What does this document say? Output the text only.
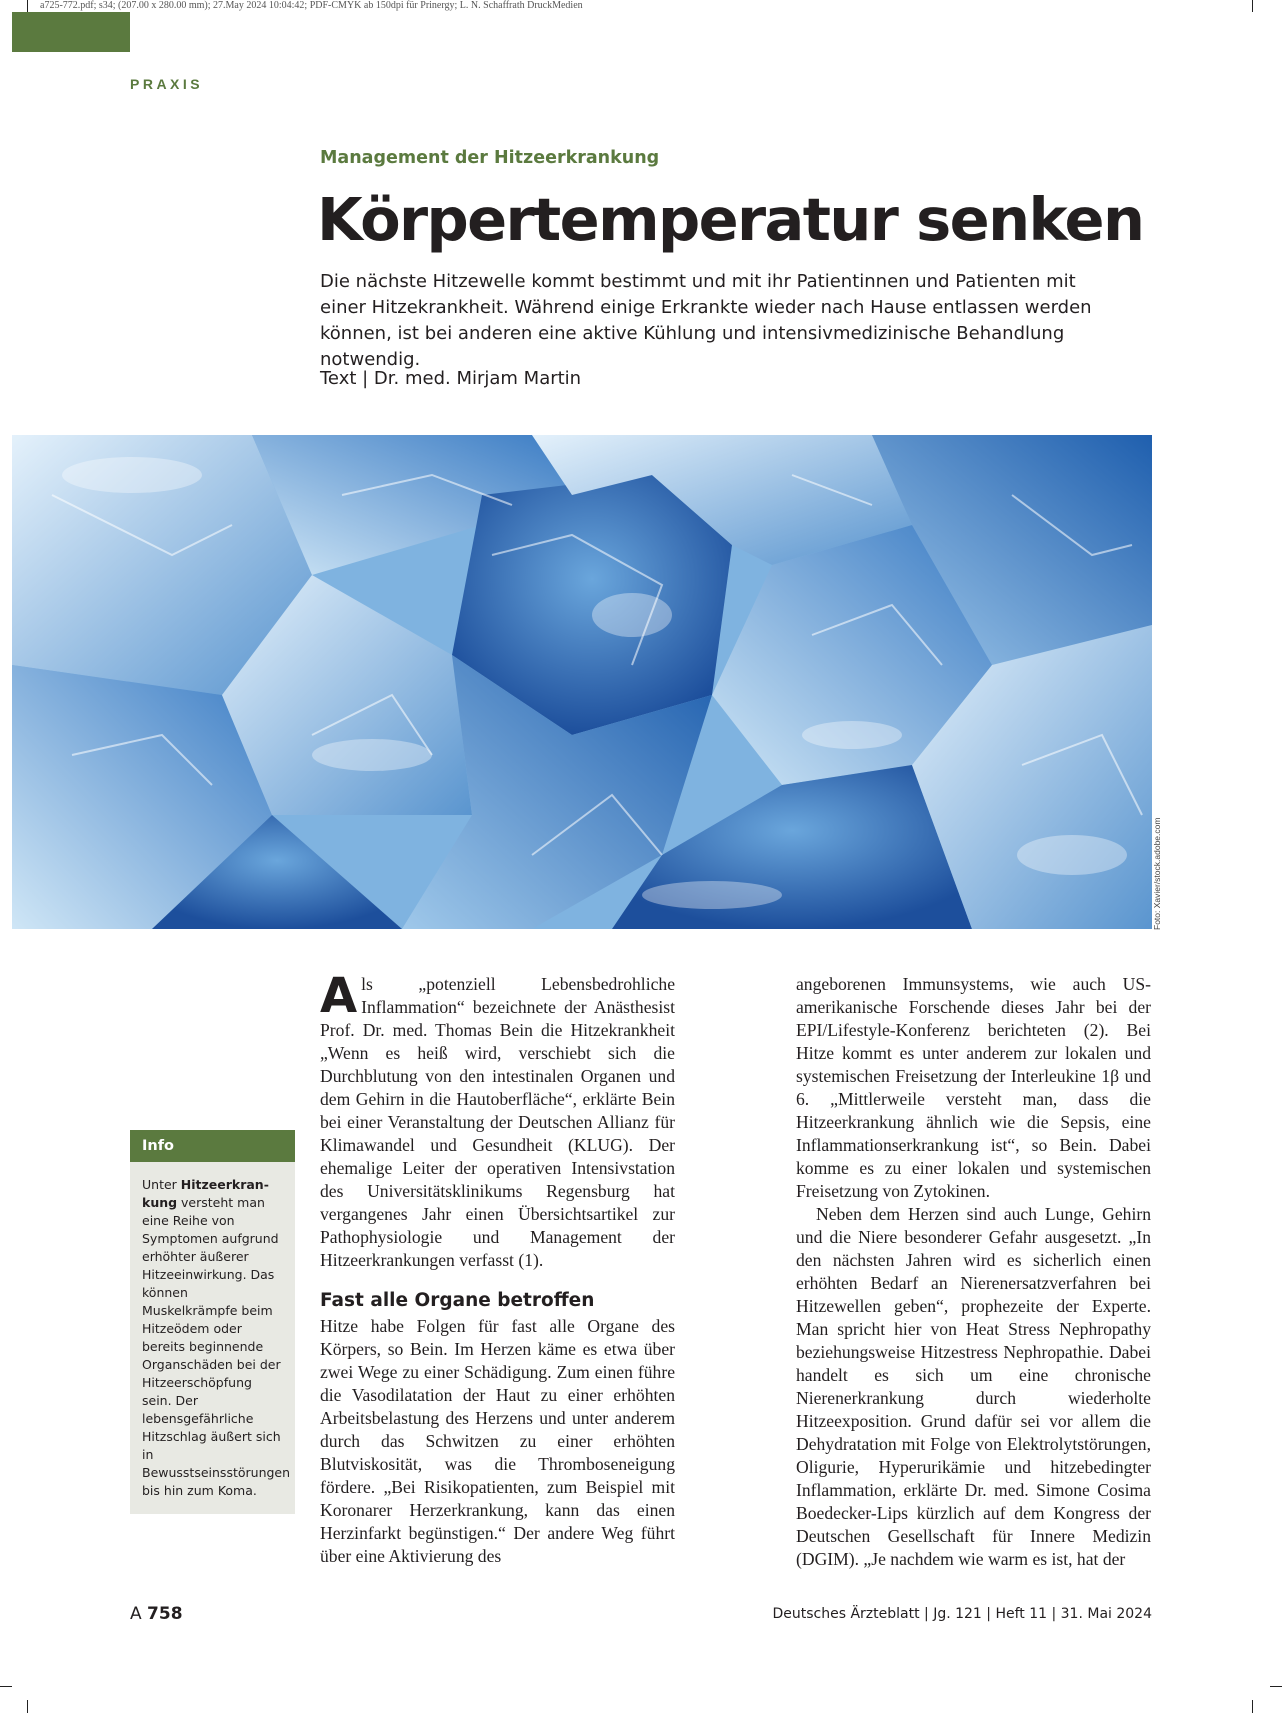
a725-772.pdf; s34; (207.00 x 280.00 mm); 27.May 2024 10:04:42; PDF-CMYK ab 150dpi für Prinergy; L. N. Schaffrath DruckMedien
PRAXIS
Management der Hitzeerkrankung
Körpertemperatur senken
Die nächste Hitzewelle kommt bestimmt und mit ihr Patientinnen und Patienten mit einer Hitzekrankheit. Während einige Erkrankte wieder nach Hause entlassen werden können, ist bei anderen eine aktive Kühlung und intensivmedizinische Behandlung notwendig.
Text | Dr. med. Mirjam Martin
Foto: Xavier/stock.adobe.com
Info
Unter Hitzeerkran-kung versteht man eine Reihe von Symptomen aufgrund erhöhter äußerer Hitzeeinwirkung. Das können Muskelkrämpfe beim Hitzeödem oder bereits beginnende Organschäden bei der Hitzeerschöpfung sein. Der lebensgefährliche Hitzschlag äußert sich in Bewusstseinsstörungen bis hin zum Koma.

Als „potenziell Lebensbedrohliche Inflammation“ bezeichnete der Anästhesist Prof. Dr. med. Thomas Bein die Hitzekrankheit „Wenn es heiß wird, verschiebt sich die Durchblutung von den intestinalen Organen und dem Gehirn in die Hautoberfläche“, erklärte Bein bei einer Veranstaltung der Deutschen Allianz für Klimawandel und Gesundheit (KLUG). Der ehemalige Leiter der operativen Intensivstation des Universitätsklinikums Regensburg hat vergangenes Jahr einen Übersichtsartikel zur Pathophysiologie und Management der Hitzeerkrankungen verfasst (1).

Fast alle Organe betroffen

Hitze habe Folgen für fast alle Organe des Körpers, so Bein. Im Herzen käme es etwa über zwei Wege zu einer Schädigung. Zum einen führe die Vasodilatation der Haut zu einer erhöhten Arbeitsbelastung des Herzens und unter anderem durch das Schwitzen zu einer erhöhten Blutviskosität, was die Thromboseneigung fördere. „Bei Risikopatienten, zum Beispiel mit Koronarer Herzerkrankung, kann das einen Herzinfarkt begünstigen.“ Der andere Weg führt über eine Aktivierung des

angeborenen Immunsystems, wie auch US-amerikanische Forschende dieses Jahr bei der EPI/Lifestyle-Konferenz berichteten (2). Bei Hitze kommt es unter anderem zur lokalen und systemischen Freisetzung der Interleukine 1β und 6. „Mittlerweile versteht man, dass die Hitzeerkrankung ähnlich wie die Sepsis, eine Inflammationserkrankung ist“, so Bein. Dabei komme es zu einer lokalen und systemischen Freisetzung von Zytokinen.

Neben dem Herzen sind auch Lunge, Gehirn und die Niere besonderer Gefahr ausgesetzt. „In den nächsten Jahren wird es sicherlich einen erhöhten Bedarf an Nierenersatzverfahren bei Hitzewellen geben“, prophezeite der Experte. Man spricht hier von Heat Stress Nephropathy beziehungsweise Hitzestress Nephropathie. Dabei handelt es sich um eine chronische Nierenerkrankung durch wiederholte Hitzeexposition. Grund dafür sei vor allem die Dehydratation mit Folge von Elektrolytstörungen, Oligurie, Hyperurikämie und hitzebedingter Inflammation, erklärte Dr. med. Simone Cosima Boedecker-Lips kürzlich auf dem Kongress der Deutschen Gesellschaft für Innere Medizin (DGIM). „Je nachdem wie warm es ist, hat der

A 758	Deutsches Ärzteblatt | Jg. 121 | Heft 11 | 31. Mai 2024
